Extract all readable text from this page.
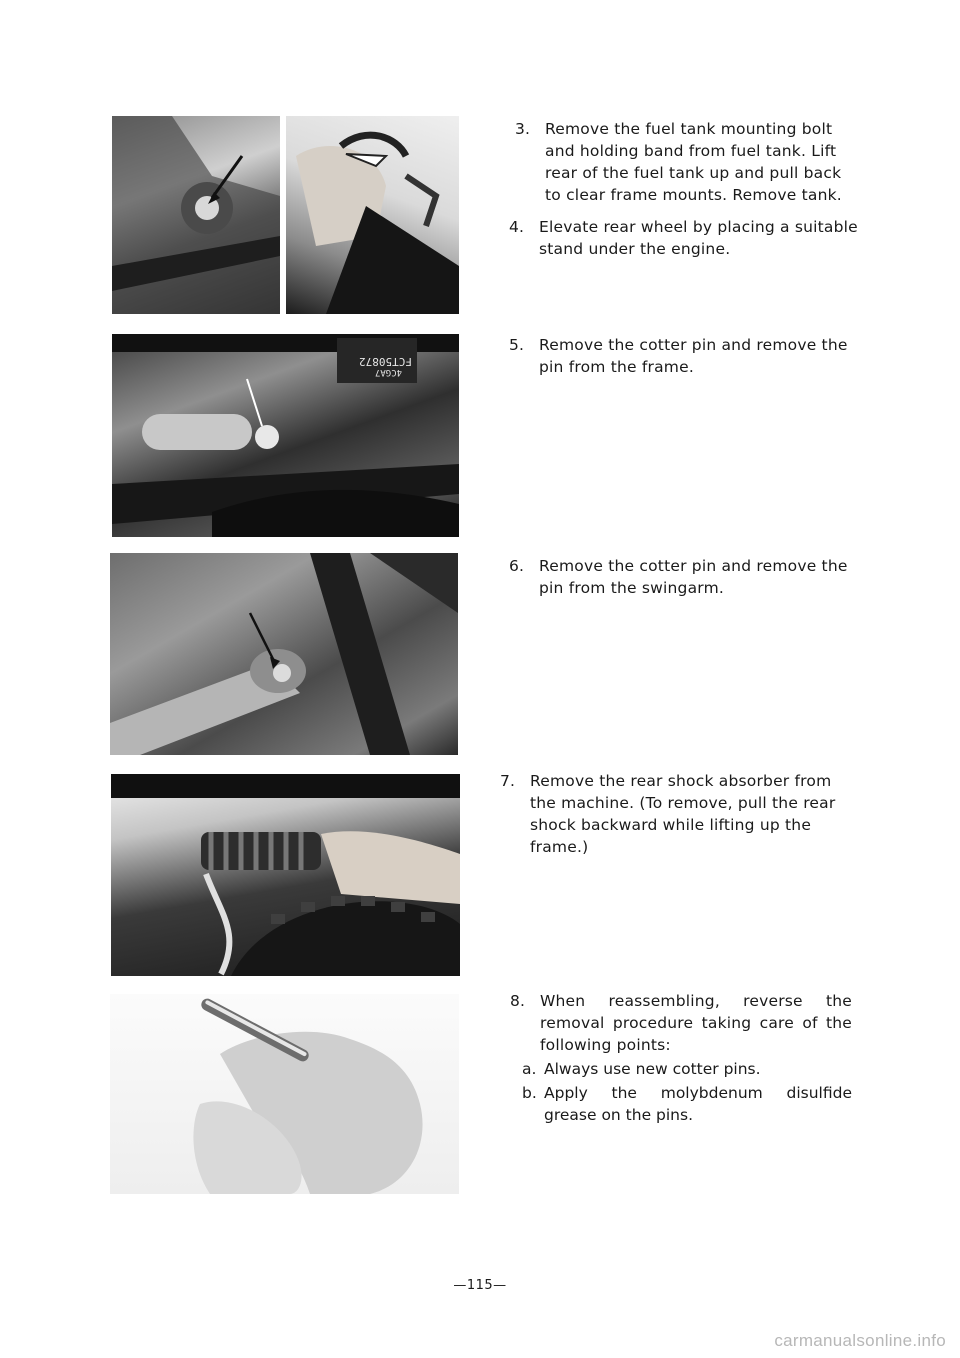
FCT50872
4CGA7
3. Remove the fuel tank mounting bolt and holding band from fuel tank. Lift rear of the fuel tank up and pull back to clear frame mounts. Remove tank.
4. Elevate rear wheel by placing a suitable stand under the engine.
5. Remove the cotter pin and remove the pin from the frame.
6. Remove the cotter pin and remove the pin from the swingarm.
7. Remove the rear shock absorber from the machine. (To remove, pull the rear shock backward while lifting up the frame.)
8. When reassembling, reverse the removal procedure taking care of the following points:
a. Always use new cotter pins.
b. Apply the molybdenum disulfide grease on the pins.
—115—
carmanualsonline.info
